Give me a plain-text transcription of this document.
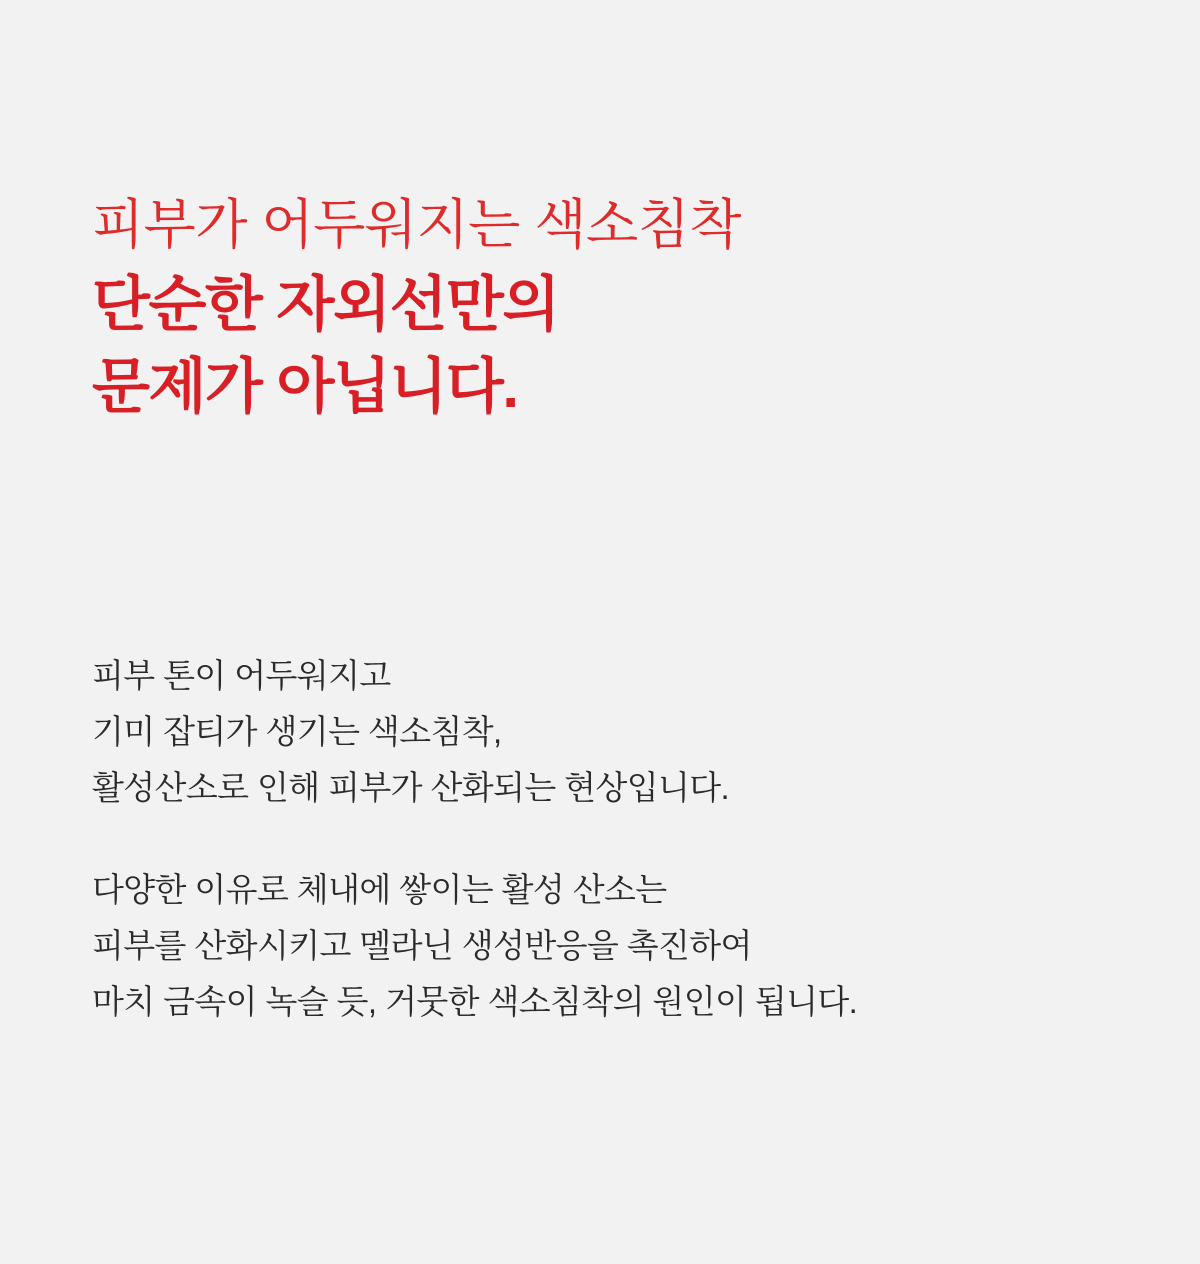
피부가 어두워지는 색소침착
단순한 자외선만의
문제가 아닙니다.

피부 톤이 어두워지고
기미 잡티가 생기는 색소침착,
활성산소로 인해 피부가 산화되는 현상입니다.

다양한 이유로 체내에 쌓이는 활성 산소는
피부를 산화시키고 멜라닌 생성반응을 촉진하여
마치 금속이 녹슬 듯, 거뭇한 색소침착의 원인이 됩니다.
